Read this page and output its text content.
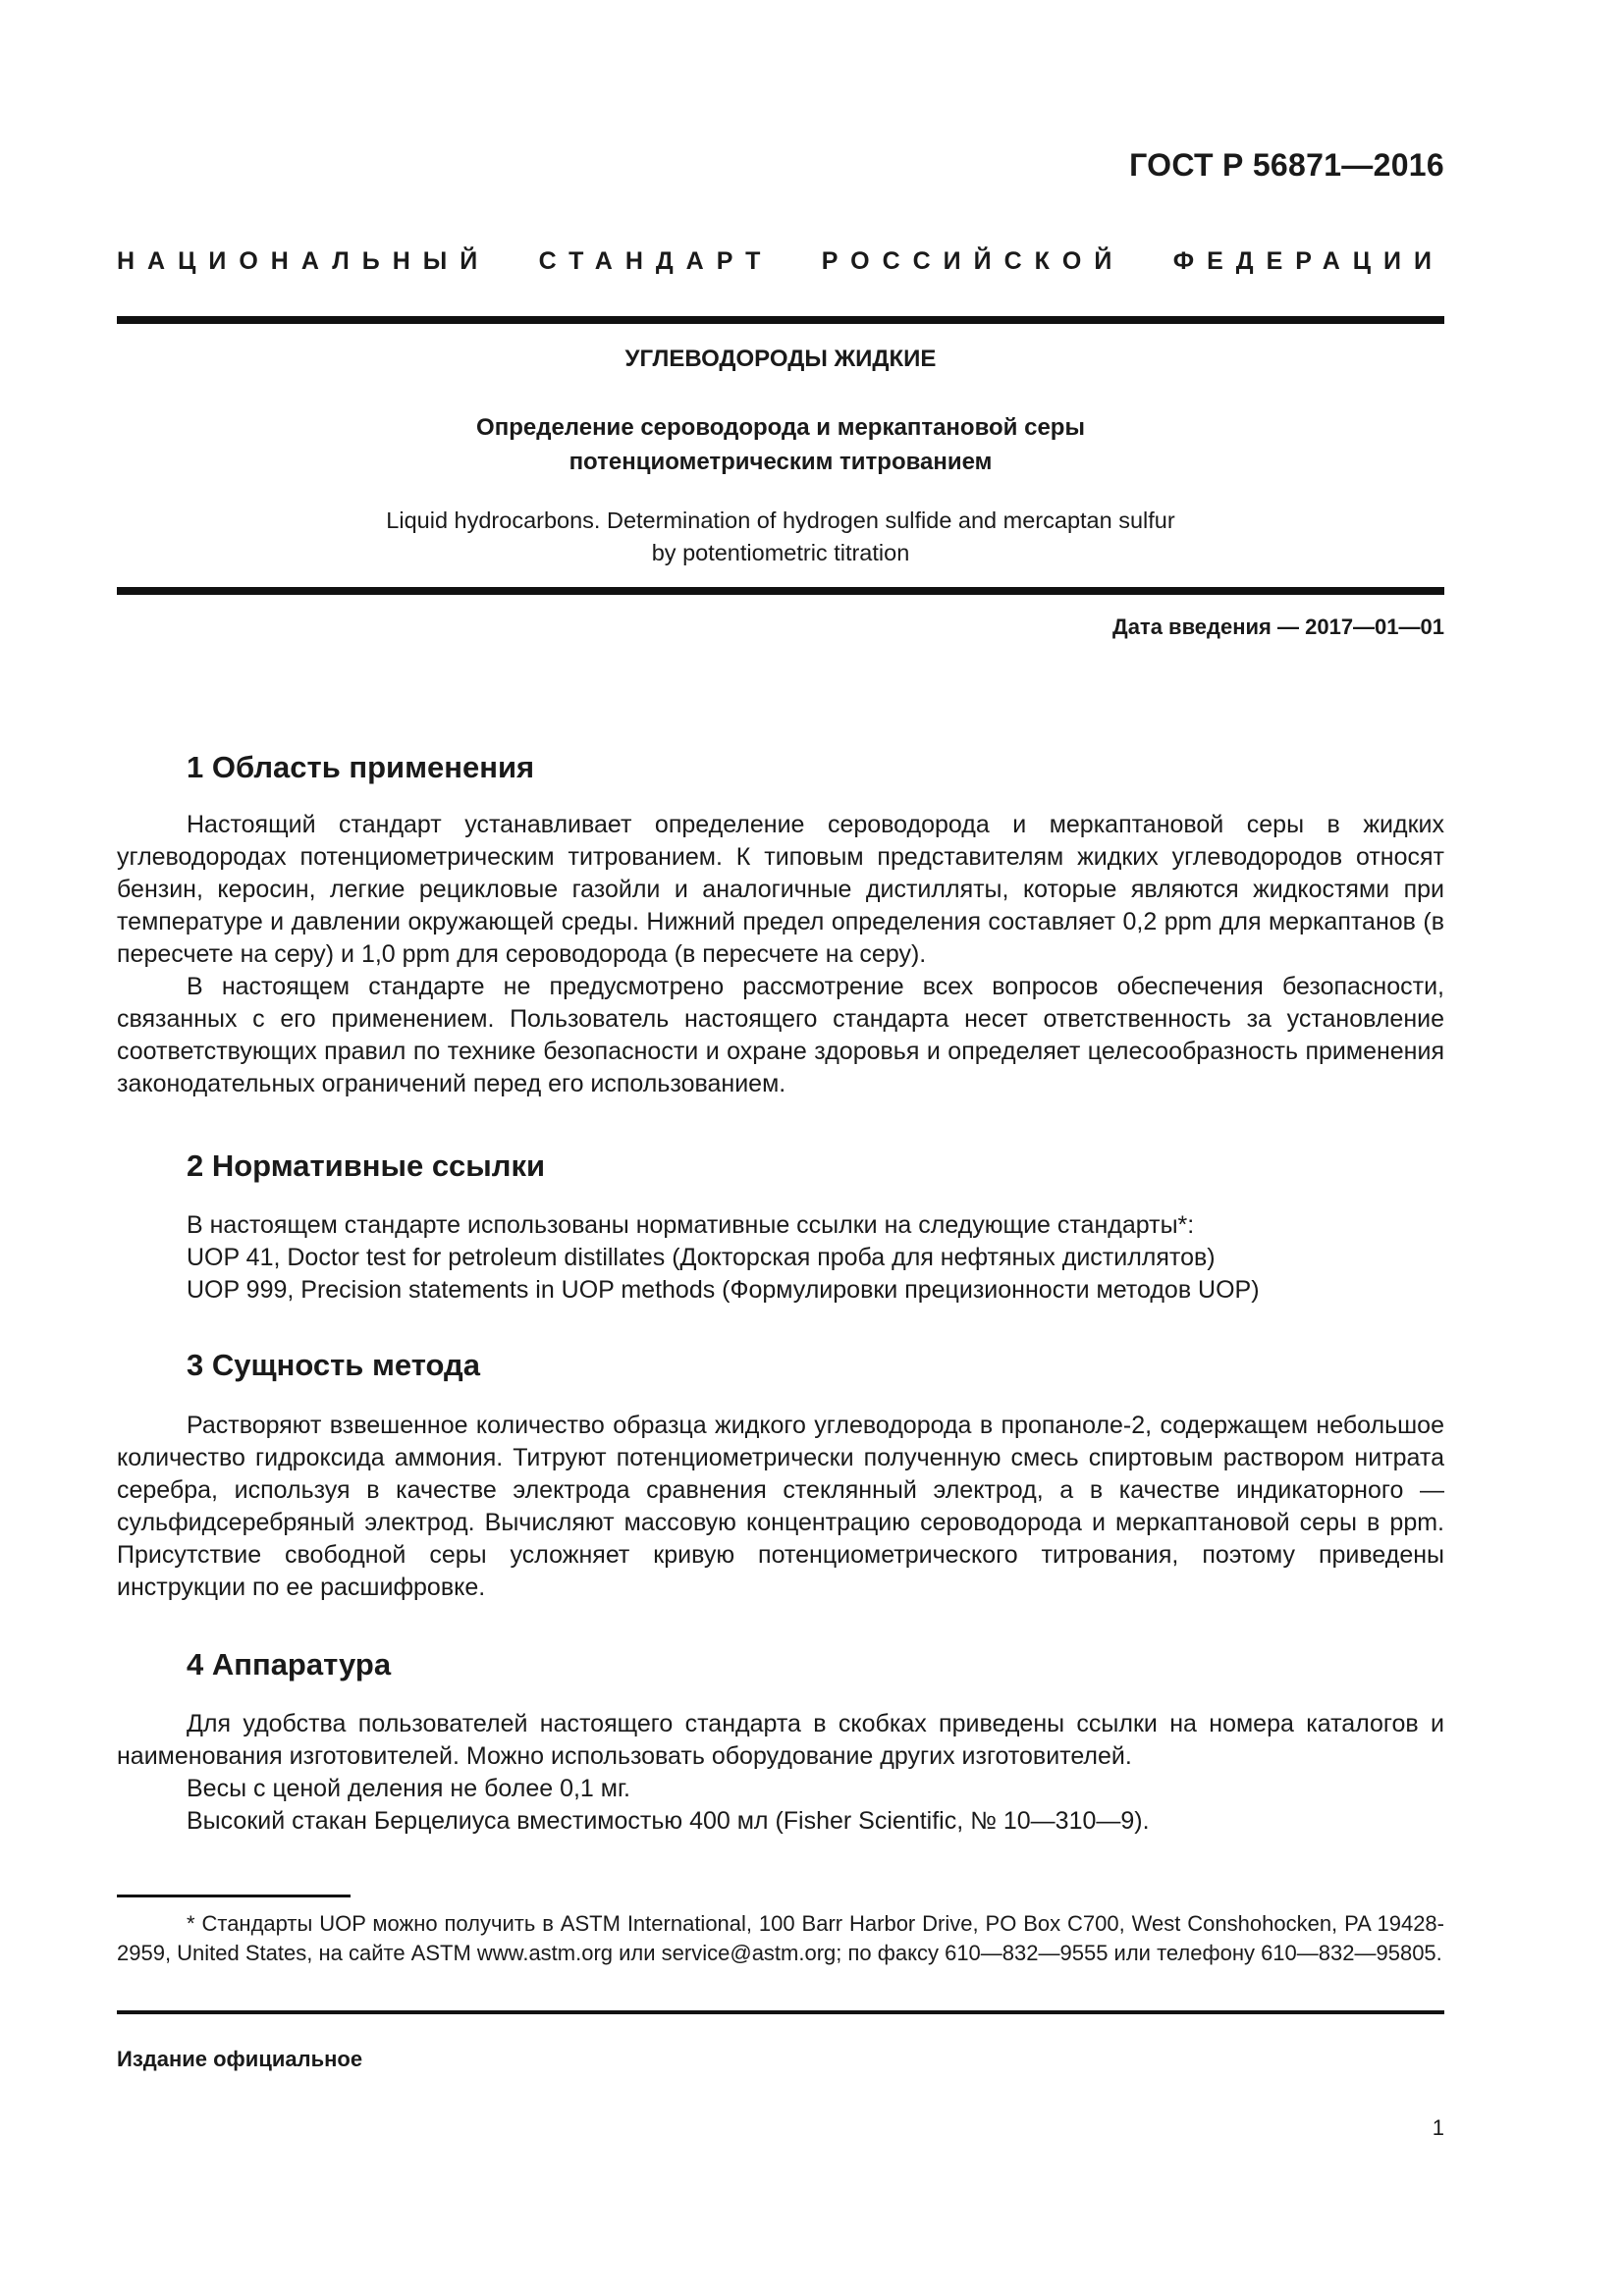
ГОСТ Р 56871—2016
НАЦИОНАЛЬНЫЙ СТАНДАРТ РОССИЙСКОЙ ФЕДЕРАЦИИ
УГЛЕВОДОРОДЫ ЖИДКИЕ
Определение сероводорода и меркаптановой серы
потенциометрическим титрованием
Liquid hydrocarbons. Determination of hydrogen sulfide and mercaptan sulfur
by potentiometric titration
Дата введения — 2017—01—01
1 Область применения
Настоящий стандарт устанавливает определение сероводорода и меркаптановой серы в жидких углеводородах потенциометрическим титрованием. К типовым представителям жидких углеводородов относят бензин, керосин, легкие рецикловые газойли и аналогичные дистилляты, которые являются жидкостями при температуре и давлении окружающей среды. Нижний предел определения составляет 0,2 ppm для меркаптанов (в пересчете на серу) и 1,0 ppm для сероводорода (в пересчете на серу).
В настоящем стандарте не предусмотрено рассмотрение всех вопросов обеспечения безопасности, связанных с его применением. Пользователь настоящего стандарта несет ответственность за установление соответствующих правил по технике безопасности и охране здоровья и определяет целесообразность применения законодательных ограничений перед его использованием.
2 Нормативные ссылки
В настоящем стандарте использованы нормативные ссылки на следующие стандарты*:
UOP 41, Doctor test for petroleum distillates (Докторская проба для нефтяных дистиллятов)
UOP 999, Precision statements in UOP methods (Формулировки прецизионности методов UOP)
3 Сущность метода
Растворяют взвешенное количество образца жидкого углеводорода в пропаноле-2, содержащем небольшое количество гидроксида аммония. Титруют потенциометрически полученную смесь спиртовым раствором нитрата серебра, используя в качестве электрода сравнения стеклянный электрод, а в качестве индикаторного — сульфидсеребряный электрод. Вычисляют массовую концентрацию сероводорода и меркаптановой серы в ppm. Присутствие свободной серы усложняет кривую потенциометрического титрования, поэтому приведены инструкции по ее расшифровке.
4 Аппаратура
Для удобства пользователей настоящего стандарта в скобках приведены ссылки на номера каталогов и наименования изготовителей. Можно использовать оборудование других изготовителей.
Весы с ценой деления не более 0,1 мг.
Высокий стакан Берцелиуса вместимостью 400 мл (Fisher Scientific, № 10—310—9).
* Стандарты UOP можно получить в ASTM International, 100 Barr Harbor Drive, PO Box C700, West Conshohocken, PA 19428-2959, United States, на сайте ASTM www.astm.org или service@astm.org; по факсу 610—832—9555 или телефону 610—832—95805.
Издание официальное
1
